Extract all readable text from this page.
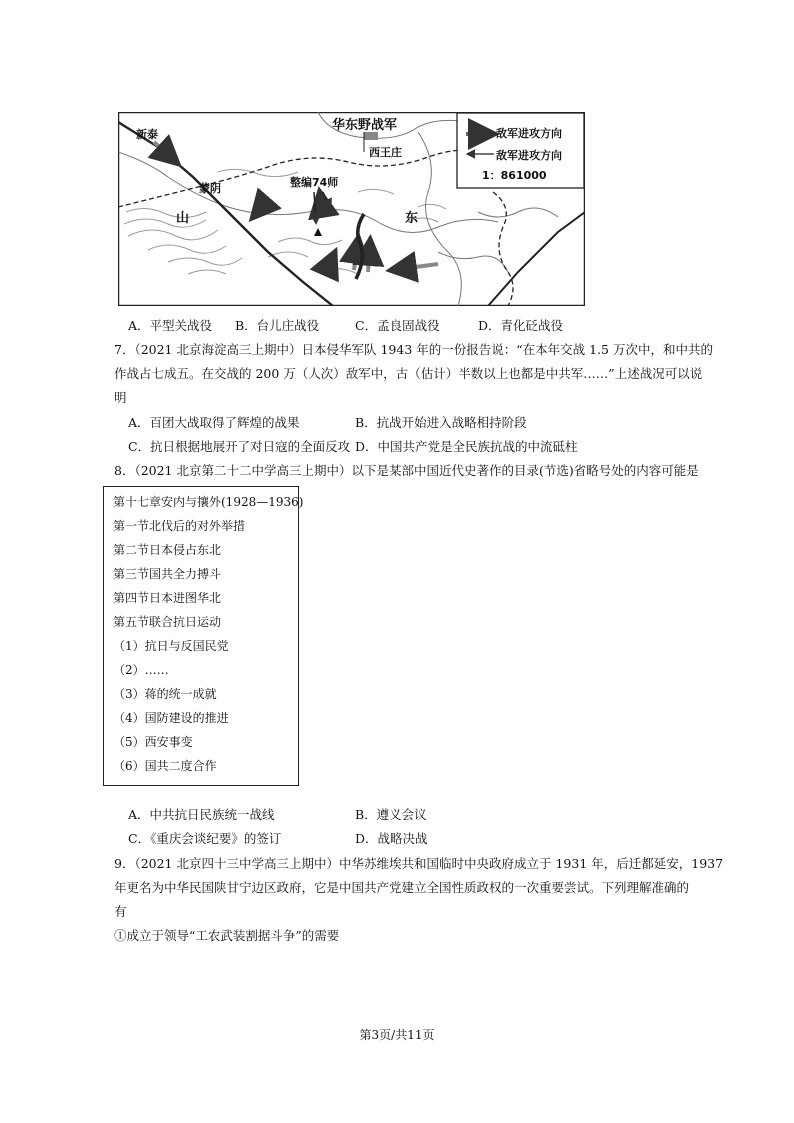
华东野战军
西王庄
新泰
蒙阴	整编74师
山	东
敌军进攻方向
敌军进攻方向
1：861000
A．平型关战役 B．台儿庄战役	C．孟良固战役	D．青化砭战役
7．（2021 北京海淀高三上期中）日本侵华军队 1943 年的一份报告说：“在本年交战 1.5 万次中，和中共的
作战占七成五。在交战的 200 万（人次）敌军中，古（估计）半数以上也都是中共军……”上述战况可以说
明
A．百团大战取得了辉煌的战果	B．抗战开始进入战略相持阶段
C．抗日根据地展开了对日寇的全面反攻 D．中国共产党是全民族抗战的中流砥柱
8．（2021 北京第二十二中学高三上期中）以下是某部中国近代史著作的目录(节选)省略号处的内容可能是
第十七章安内与攘外(1928—1936)
第一节北伐后的对外举措
第二节日本侵占东北
第三节国共全力搏斗
第四节日本进图华北
第五节联合抗日运动
（1）抗日与反国民党
（2）……
（3）蒋的统一成就
（4）国防建设的推进
（5）西安事变
（6）国共二度合作
A．中共抗日民族统一战线	B．遵义会议
C．《重庆会谈纪要》的签订	D．战略决战
9．（2021 北京四十三中学高三上期中）中华苏维埃共和国临时中央政府成立于 1931 年，后迁都延安，1937
年更名为中华民国陕甘宁边区政府，它是中国共产党建立全国性质政权的一次重要尝试。下列理解准确的
有
①成立于领导“工农武装割据斗争”的需要
第3页/共11页
